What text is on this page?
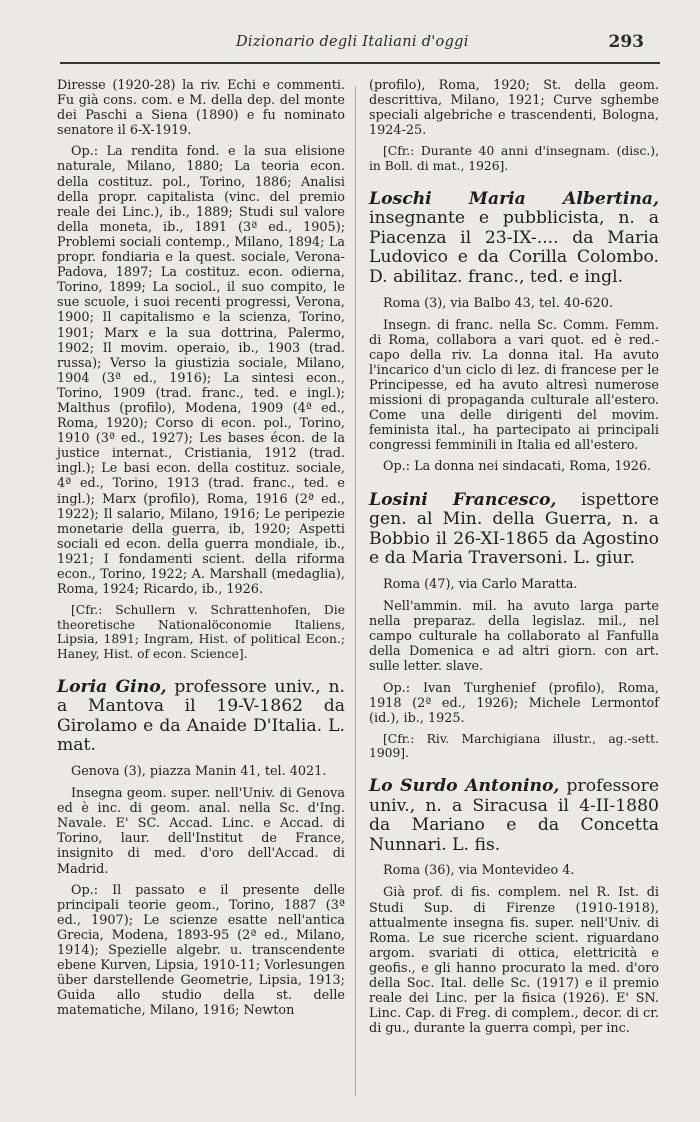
Dizionario degli Italiani d'oggi	293

Diresse (1920-28) la riv. Echi e commenti. Fu già cons. com. e M. della dep. del monte dei Paschi a Siena (1890) e fu nominato senatore il 6-X-1919.

Op.: La rendita fond. e la sua elisione naturale, Milano, 1880; La teoria econ. della costituz. pol., Torino, 1886; Analisi della propr. capitalista (vinc. del premio reale dei Linc.), ib., 1889; Studi sul valore della moneta, ib., 1891 (3ª ed., 1905); Problemi sociali contemp., Milano, 1894; La propr. fondiaria e la quest. sociale, Verona-Padova, 1897; La costituz. econ. odierna, Torino, 1899; La sociol., il suo compito, le sue scuole, i suoi recenti progressi, Verona, 1900; Il capitalismo e la scienza, Torino, 1901; Marx e la sua dottrina, Palermo, 1902; Il movim. operaio, ib., 1903 (trad. russa); Verso la giustizia sociale, Milano, 1904 (3ª ed., 1916); La sintesi econ., Torino, 1909 (trad. franc., ted. e ingl.); Malthus (profilo), Modena, 1909 (4ª ed., Roma, 1920); Corso di econ. pol., Torino, 1910 (3ª ed., 1927); Les bases écon. de la justice internat., Cristiania, 1912 (trad. ingl.); Le basi econ. della costituz. sociale, 4ª ed., Torino, 1913 (trad. franc., ted. e ingl.); Marx (profilo), Roma, 1916 (2ª ed., 1922); Il salario, Milano, 1916; Le peripezie monetarie della guerra, ib, 1920; Aspetti sociali ed econ. della guerra mondiale, ib., 1921; I fondamenti scient. della riforma econ., Torino, 1922; A. Marshall (medaglia), Roma, 1924; Ricardo, ib., 1926.

[Cfr.: Schullern v. Schrattenhofen, Die theoretische Nationalöconomie Italiens, Lipsia, 1891; Ingram, Hist. of political Econ.; Haney, Hist. of econ. Science].

Loria Gino, professore univ., n. a Mantova il 19-V-1862 da Girolamo e da Anaide D'Italia. L. mat.

Genova (3), piazza Manin 41, tel. 4021.

Insegna geom. super. nell'Univ. di Genova ed è inc. di geom. anal. nella Sc. d'Ing. Navale. E' SC. Accad. Linc. e Accad. di Torino, laur. dell'Institut de France, insignito di med. d'oro dell'Accad. di Madrid.

Op.: Il passato e il presente delle principali teorie geom., Torino, 1887 (3ª ed., 1907); Le scienze esatte nell'antica Grecia, Modena, 1893-95 (2ª ed., Milano, 1914); Spezielle algebr. u. transcendente ebene Kurven, Lipsia, 1910-11; Vorlesungen über darstellende Geometrie, Lipsia, 1913; Guida allo studio della st. delle matematiche, Milano, 1916; Newton

(profilo), Roma, 1920; St. della geom. descrittiva, Milano, 1921; Curve sghembe speciali algebriche e trascendenti, Bologna, 1924-25.

[Cfr.: Durante 40 anni d'insegnam. (disc.), in Boll. di mat., 1926].

Loschi Maria Albertina, insegnante e pubblicista, n. a Piacenza il 23-IX-.... da Maria Ludovico e da Corilla Colombo. D. abilitaz. franc., ted. e ingl.

Roma (3), via Balbo 43, tel. 40-620.

Insegn. di franc. nella Sc. Comm. Femm. di Roma, collabora a vari quot. ed è red.-capo della riv. La donna ital. Ha avuto l'incarico d'un ciclo di lez. di francese per le Principesse, ed ha avuto altresì numerose missioni di propaganda culturale all'estero. Come una delle dirigenti del movim. feminista ital., ha partecipato ai principali congressi femminili in Italia ed all'estero.

Op.: La donna nei sindacati, Roma, 1926.

Losini Francesco, ispettore gen. al Min. della Guerra, n. a Bobbio il 26-XI-1865 da Agostino e da Maria Traversoni. L. giur.

Roma (47), via Carlo Maratta.

Nell'ammin. mil. ha avuto larga parte nella preparaz. della legislaz. mil., nel campo culturale ha collaborato al Fanfulla della Domenica e ad altri giorn. con art. sulle letter. slave.

Op.: Ivan Turghenief (profilo), Roma, 1918 (2ª ed., 1926); Michele Lermontof (id.), ib., 1925.

[Cfr.: Riv. Marchigiana illustr., ag.-sett. 1909].

Lo Surdo Antonino, professore univ., n. a Siracusa il 4-II-1880 da Mariano e da Concetta Nunnari. L. fis.

Roma (36), via Montevideo 4.

Già prof. di fis. complem. nel R. Ist. di Studi Sup. di Firenze (1910-1918), attualmente insegna fis. super. nell'Univ. di Roma. Le sue ricerche scient. riguardano argom. svariati di ottica, elettricità e geofis., e gli hanno procurato la med. d'oro della Soc. Ital. delle Sc. (1917) e il premio reale dei Linc. per la fisica (1926). E' SN. Linc. Cap. di Freg. di complem., decor. di cr. di gu., durante la guerra compì, per inc.
